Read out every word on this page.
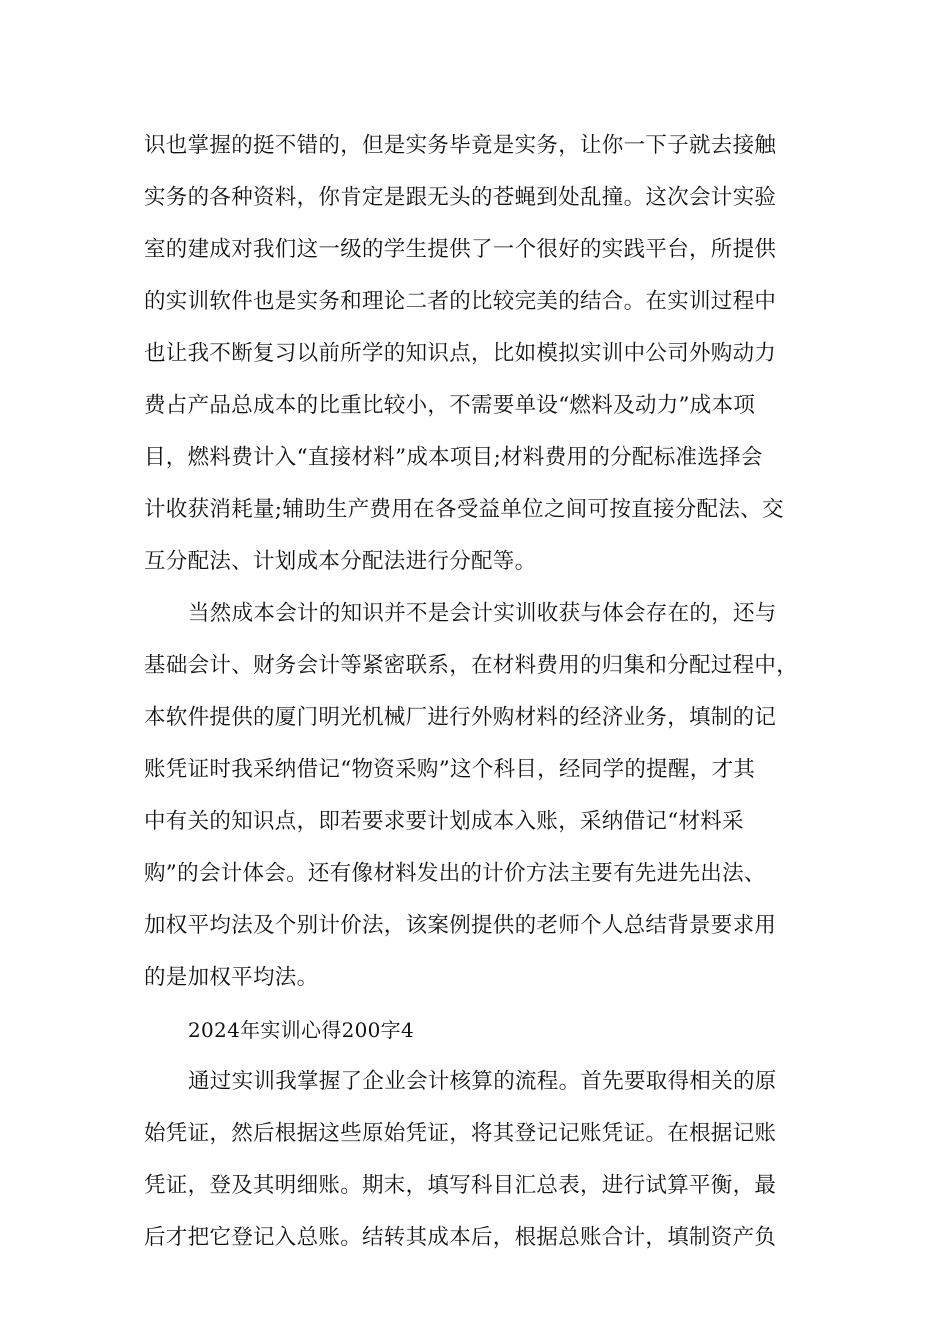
识也掌握的挺不错的，但是实务毕竟是实务，让你一下子就去接触
实务的各种资料，你肯定是跟无头的苍蝇到处乱撞。这次会计实验
室的建成对我们这一级的学生提供了一个很好的实践平台，所提供
的实训软件也是实务和理论二者的比较完美的结合。在实训过程中
也让我不断复习以前所学的知识点，比如模拟实训中公司外购动力
费占产品总成本的比重比较小，不需要单设“燃料及动力”成本项
目，燃料费计入“直接材料”成本项目;材料费用的分配标准选择会
计收获消耗量;辅助生产费用在各受益单位之间可按直接分配法、交
互分配法、计划成本分配法进行分配等。
当然成本会计的知识并不是会计实训收获与体会存在的，还与
基础会计、财务会计等紧密联系，在材料费用的归集和分配过程中，
本软件提供的厦门明光机械厂进行外购材料的经济业务，填制的记
账凭证时我采纳借记“物资采购”这个科目，经同学的提醒，才其
中有关的知识点，即若要求要计划成本入账，采纳借记“材料采
购”的会计体会。还有像材料发出的计价方法主要有先进先出法、
加权平均法及个别计价法，该案例提供的老师个人总结背景要求用
的是加权平均法。
2024年实训心得200字4
通过实训我掌握了企业会计核算的流程。首先要取得相关的原
始凭证，然后根据这些原始凭证，将其登记记账凭证。在根据记账
凭证，登及其明细账。期末，填写科目汇总表，进行试算平衡，最
后才把它登记入总账。结转其成本后，根据总账合计，填制资产负
